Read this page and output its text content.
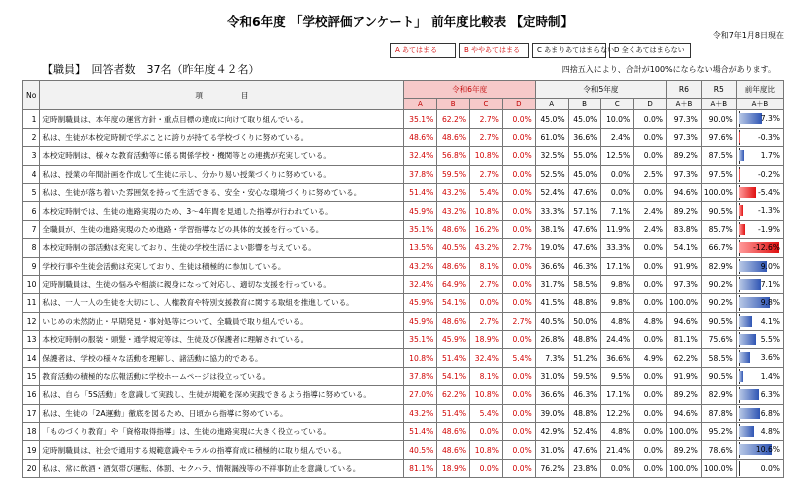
令和6年度 「学校評価アンケート」 前年度比較表 【定時制】
令和7年1月8日現在
A あてはまる	B ややあてはまる	C あまりあてはまらない D 全くあてはまらない
【職員】　回答者数　37名（昨年度４２名）	四捨五入により、合計が100%にならない場合があります。
No	項　　　　　目	令和6年度				令和5年度				R6	R5	前年度比
		A	B	C	D	A	B	C	D	A＋B	A＋B	A＋B
1	定時制職員は、本年度の運営方針・重点目標の達成に向けて取り組んでいる。	35.1%	62.2%	2.7%	0.0%	45.0%	45.0%	10.0%	0.0%	97.3%	90.0%	7.3%

2	私は、生徒が本校定時制で学ぶことに誇りが持てる学校づくりに努めている。	48.6%	48.6%	2.7%	0.0%	61.0%	36.6%	2.4%	0.0%	97.3%	97.6%	-0.3%

3	本校定時制は、様々な教育活動等に係る関係学校・機関等との連携が充実している。	32.4%	56.8%	10.8%	0.0%	32.5%	55.0%	12.5%	0.0%	89.2%	87.5%	1.7%

4	私は、授業の年間計画を作成して生徒に示し、分かり易い授業づくりに努めている。	37.8%	59.5%	2.7%	0.0%	52.5%	45.0%	0.0%	2.5%	97.3%	97.5%	-0.2%

5	私は、生徒が落ち着いた雰囲気を持って生活できる、安全・安心な環境づくりに努めている。	51.4%	43.2%	5.4%	0.0%	52.4%	47.6%	0.0%	0.0%	94.6%	100.0%	-5.4%

6	本校定時制では、生徒の進路実現のため、3～4年間を見通した指導が行われている。	45.9%	43.2%	10.8%	0.0%	33.3%	57.1%	7.1%	2.4%	89.2%	90.5%	-1.3%

7	全職員が、生徒の進路実現のため進路・学習指導などの具体的支援を行っている。	35.1%	48.6%	16.2%	0.0%	38.1%	47.6%	11.9%	2.4%	83.8%	85.7%	-1.9%

8	本校定時制の部活動は充実しており、生徒の学校生活によい影響を与えている。	13.5%	40.5%	43.2%	2.7%	19.0%	47.6%	33.3%	0.0%	54.1%	66.7%	-12.6%

9	学校行事や生徒会活動は充実しており、生徒は積極的に参加している。	43.2%	48.6%	8.1%	0.0%	36.6%	46.3%	17.1%	0.0%	91.9%	82.9%	9.0%

10	定時制職員は、生徒の悩みや相談に親身になって対応し、適切な支援を行っている。	32.4%	64.9%	2.7%	0.0%	31.7%	58.5%	9.8%	0.0%	97.3%	90.2%	7.1%

11	私は、一人一人の生徒を大切にし、人権教育や特別支援教育に関する取組を推進している。	45.9%	54.1%	0.0%	0.0%	41.5%	48.8%	9.8%	0.0%	100.0%	90.2%	9.8%

12	いじめの未然防止・早期発見・事対処等について、全職員で取り組んでいる。	45.9%	48.6%	2.7%	2.7%	40.5%	50.0%	4.8%	4.8%	94.6%	90.5%	4.1%

13	本校定時制の服装・頭髪・通学規定等は、生徒及び保護者に理解されている。	35.1%	45.9%	18.9%	0.0%	26.8%	48.8%	24.4%	0.0%	81.1%	75.6%	5.5%

14	保護者は、学校の様々な活動を理解し、諸活動に協力的である。	10.8%	51.4%	32.4%	5.4%	7.3%	51.2%	36.6%	4.9%	62.2%	58.5%	3.6%

15	教育活動の積極的な広報活動に学校ホームページは役立っている。	37.8%	54.1%	8.1%	0.0%	31.0%	59.5%	9.5%	0.0%	91.9%	90.5%	1.4%

16	私は、自ら「5S活動」を意識して実践し、生徒が規範を深め実践できるよう指導に努めている。	27.0%	62.2%	10.8%	0.0%	36.6%	46.3%	17.1%	0.0%	89.2%	82.9%	6.3%

17	私は、生徒の「2A運動」徹底を図るため、日頃から指導に努めている。	43.2%	51.4%	5.4%	0.0%	39.0%	48.8%	12.2%	0.0%	94.6%	87.8%	6.8%

18	「ものづくり教育」や「資格取得指導」は、生徒の進路実現に大きく役立っている。	51.4%	48.6%	0.0%	0.0%	42.9%	52.4%	4.8%	0.0%	100.0%	95.2%	4.8%

19	定時制職員は、社会で通用する規範意識やモラルの指導育成に積極的に取り組んでいる。	40.5%	48.6%	10.8%	0.0%	31.0%	47.6%	21.4%	0.0%	89.2%	78.6%	10.6%

20	私は、常に飲酒・酒気帯び運転、体罰、セクハラ、情報漏洩等の不祥事防止を意識している。	81.1%	18.9%	0.0%	0.0%	76.2%	23.8%	0.0%	0.0%	100.0%	100.0%	0.0%
